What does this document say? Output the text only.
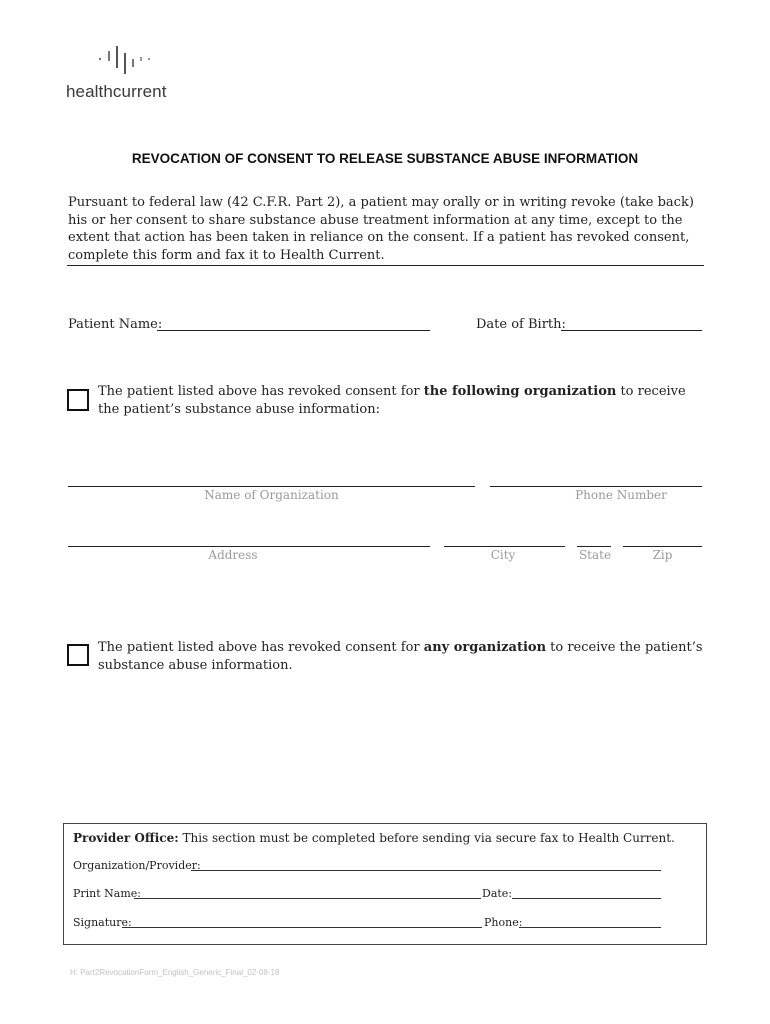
healthcurrent
REVOCATION OF CONSENT TO RELEASE SUBSTANCE ABUSE INFORMATION
Pursuant to federal law (42 C.F.R. Part 2), a patient may orally or in writing revoke (take back) his or her consent to share substance abuse treatment information at any time, except to the extent that action has been taken in reliance on the consent. If a patient has revoked consent, complete this form and fax it to Health Current.
Patient Name:	Date of Birth:
The patient listed above has revoked consent for the following organization to receive the patient’s substance abuse information:
Name of Organization	Phone Number
Address	City	State	Zip
The patient listed above has revoked consent for any organization to receive the patient’s substance abuse information.
Provider Office: This section must be completed before sending via secure fax to Health Current.
Organization/Provider:
Print Name:	Date:
Signature:	Phone:
H: Part2RevocationForm_English_Generic_Final_02-08-18
